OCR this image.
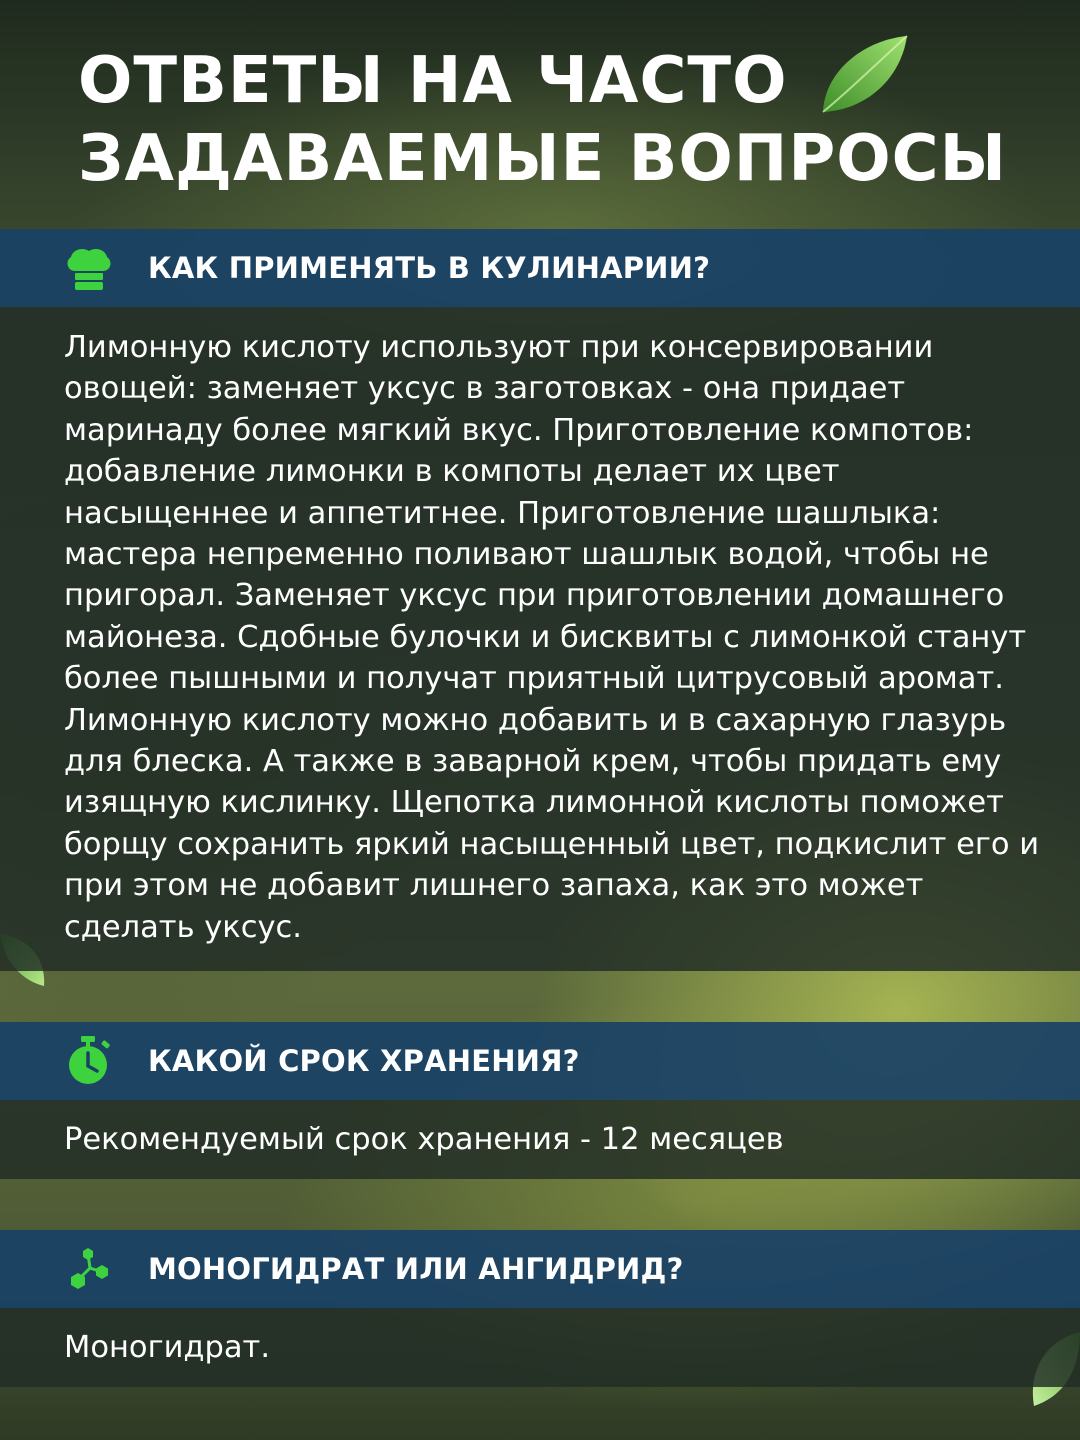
ОТВЕТЫ НА ЧАСТО ЗАДАВАЕМЫЕ ВОПРОСЫ
КАК ПРИМЕНЯТЬ В КУЛИНАРИИ?

Лимонную кислоту используют при консервировании овощей: заменяет уксус в заготовках - она придает маринаду более мягкий вкус. Приготовление компотов: добавление лимонки в компоты делает их цвет насыщеннее и аппетитнее. Приготовление шашлыка: мастера непременно поливают шашлык водой, чтобы не пригорал. Заменяет уксус при приготовлении домашнего майонеза. Сдобные булочки и бисквиты с лимонкой станут более пышными и получат приятный цитрусовый аромат. Лимонную кислоту можно добавить и в сахарную глазурь для блеска. А также в заварной крем, чтобы придать ему изящную кислинку. Щепотка лимонной кислоты поможет борщу сохранить яркий насыщенный цвет, подкислит его и при этом не добавит лишнего запаха, как это может сделать уксус.

КАКОЙ СРОК ХРАНЕНИЯ?

Рекомендуемый срок хранения - 12 месяцев

МОНОГИДРАТ ИЛИ АНГИДРИД?

Моногидрат.
